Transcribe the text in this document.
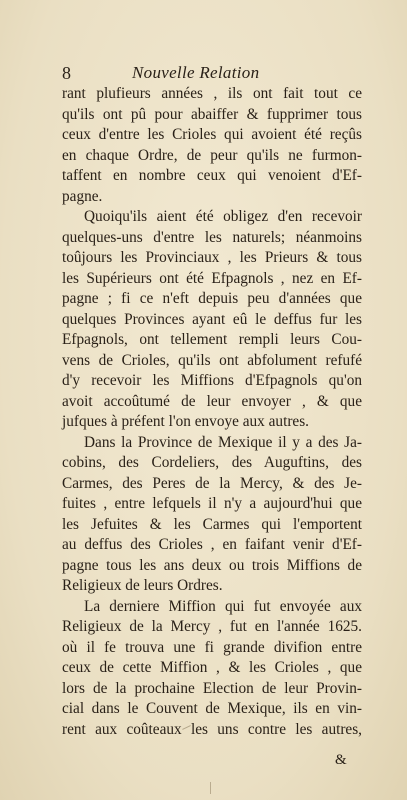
8	Nouvelle Relation
rant plufieurs années , ils ont fait tout ce
qu'ils ont pû pour abaiffer & fupprimer tous
ceux d'entre les Crioles qui avoient été reçûs
en chaque Ordre, de peur qu'ils ne furmon-
taffent en nombre ceux qui venoient d'Ef-
pagne.
Quoiqu'ils aient été obligez d'en recevoir
quelques-uns d'entre les naturels; néanmoins
toûjours les Provinciaux , les Prieurs & tous
les Supérieurs ont été Efpagnols , nez en Ef-
pagne ; fi ce n'eft depuis peu d'années que
quelques Provinces ayant eû le deffus fur les
Efpagnols, ont tellement rempli leurs Cou-
vens de Crioles, qu'ils ont abfolument refufé
d'y recevoir les Miffions d'Efpagnols qu'on
avoit accoûtumé de leur envoyer , & que
jufques à préfent l'on envoye aux autres.
Dans la Province de Mexique il y a des Ja-
cobins, des Cordeliers, des Auguftins, des
Carmes, des Peres de la Mercy, & des Je-
fuites , entre lefquels il n'y a aujourd'hui que
les Jefuites & les Carmes qui l'emportent
au deffus des Crioles , en faifant venir d'Ef-
pagne tous les ans deux ou trois Miffions de
Religieux de leurs Ordres.
La derniere Miffion qui fut envoyée aux
Religieux de la Mercy , fut en l'année 1625.
où il fe trouva une fi grande divifion entre
ceux de cette Miffion , & les Crioles , que
lors de la prochaine Election de leur Provin-
cial dans le Couvent de Mexique, ils en vin-
rent aux coûteaux les uns contre les autres,
&
